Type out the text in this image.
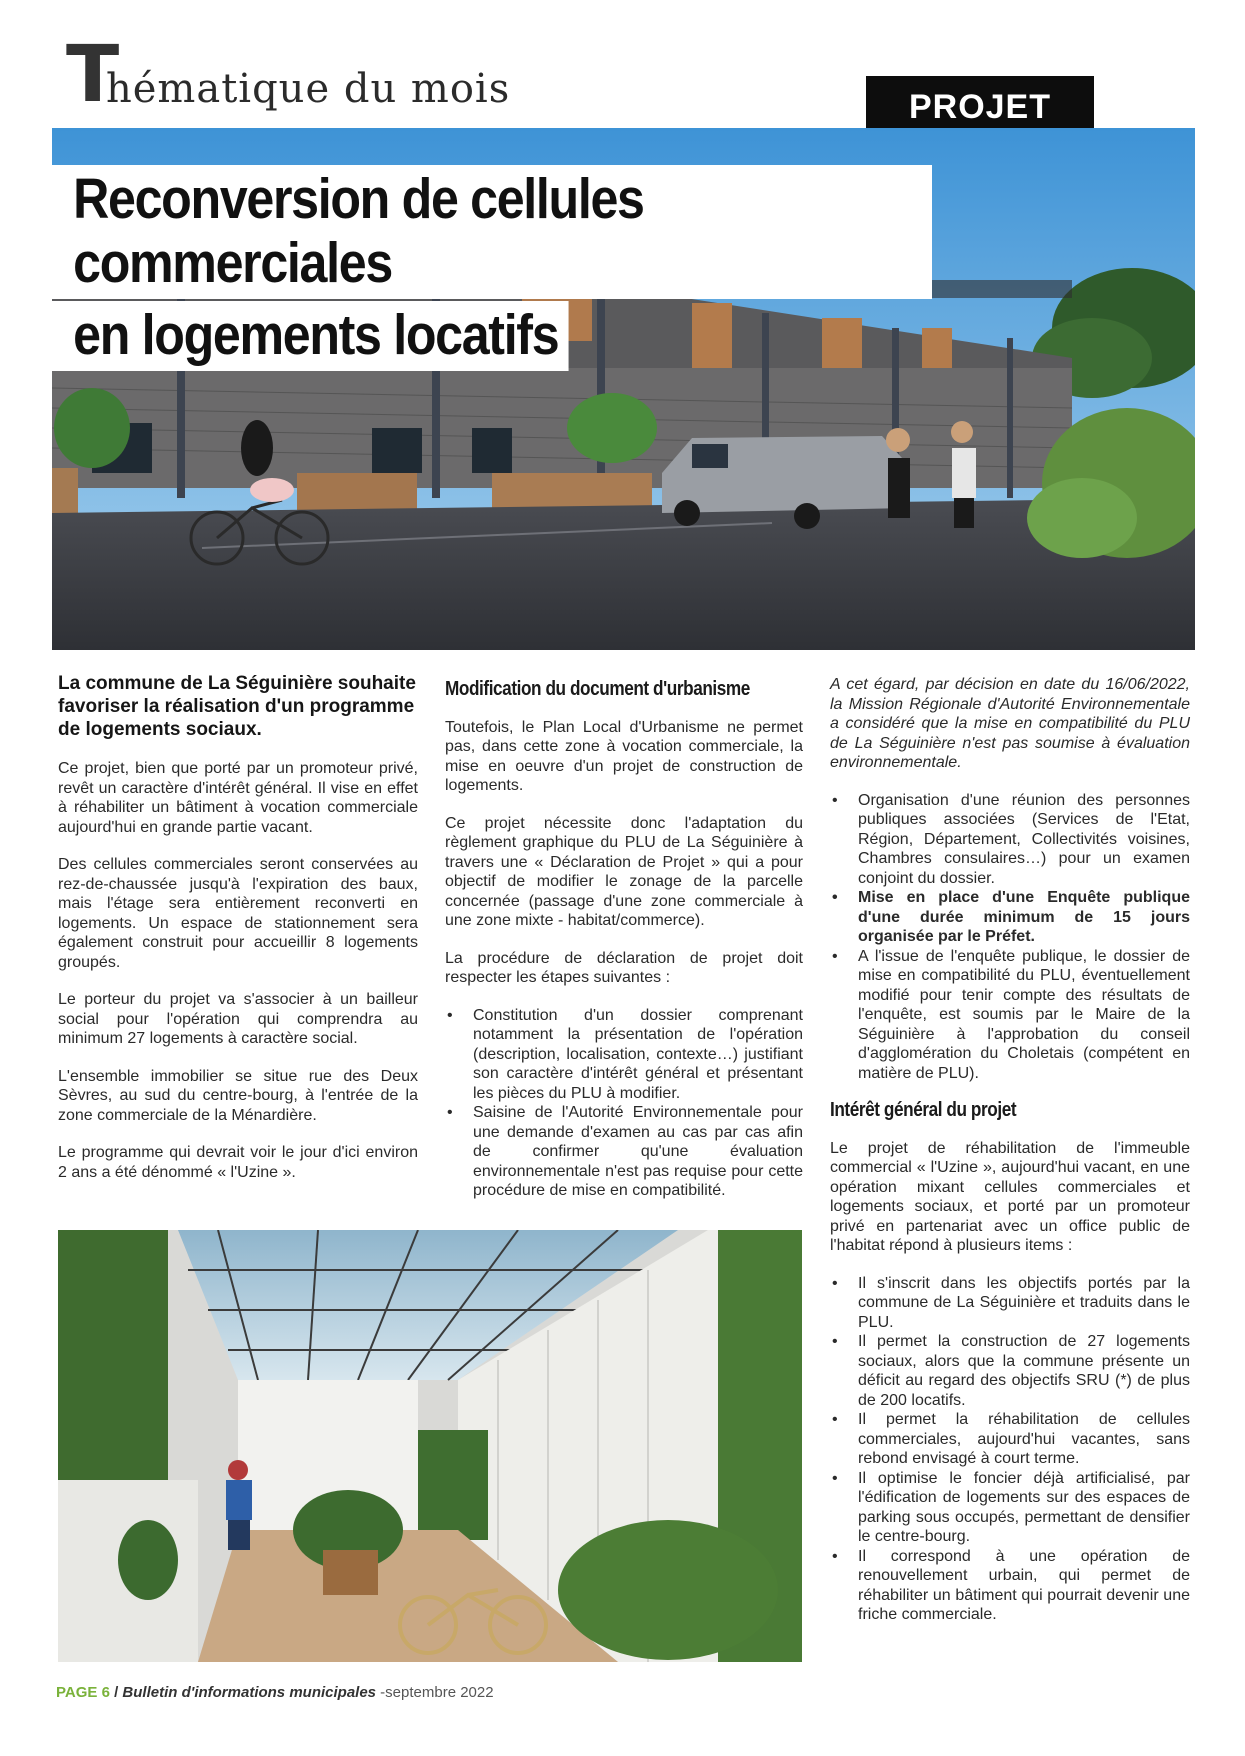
T
hématique du mois	PROJET
Reconversion de cellules commerciales
en logements locatifs

La commune de La Séguinière souhaite favoriser la réalisation d'un programme de logements sociaux.

Ce projet, bien que porté par un promoteur privé, revêt un caractère d'intérêt général. Il vise en effet à réhabiliter un bâtiment à vocation commerciale aujourd'hui en grande partie vacant.

Des cellules commerciales seront conservées au rez-de-chaussée jusqu'à l'expiration des baux, mais l'étage sera entièrement reconverti en logements. Un espace de stationnement sera également construit pour accueillir 8 logements groupés.

Le porteur du projet va s'associer à un bailleur social pour l'opération qui comprendra au minimum 27 logements à caractère social.

L'ensemble immobilier se situe rue des Deux Sèvres, au sud du centre-bourg, à l'entrée de la zone commerciale de la Ménardière.

Le programme qui devrait voir le jour d'ici environ 2 ans a été dénommé « l'Uzine ».

Modification du document d'urbanisme

Toutefois, le Plan Local d'Urbanisme ne permet pas, dans cette zone à vocation commerciale, la mise en oeuvre d'un projet de construction de logements.

Ce projet nécessite donc l'adaptation du règlement graphique du PLU de La Séguinière à travers une « Déclaration de Projet » qui a pour objectif de modifier le zonage de la parcelle concernée (passage d'une zone commerciale à une zone mixte - habitat/commerce).

La procédure de déclaration de projet doit respecter les étapes suivantes :

• Constitution d'un dossier comprenant notamment la présentation de l'opération (description, localisation, contexte…) justifiant son caractère d'intérêt général et présentant les pièces du PLU à modifier.
• Saisine de l'Autorité Environnementale pour une demande d'examen au cas par cas afin de confirmer qu'une évaluation environnementale n'est pas requise pour cette procédure de mise en compatibilité.

A cet égard, par décision en date du 16/06/2022, la Mission Régionale d'Autorité Environnementale a considéré que la mise en compatibilité du PLU de La Séguinière n'est pas soumise à évaluation environnementale.

• Organisation d'une réunion des personnes publiques associées (Services de l'Etat, Région, Département, Collectivités voisines, Chambres consulaires…) pour un examen conjoint du dossier.
• Mise en place d'une Enquête publique d'une durée minimum de 15 jours organisée par le Préfet.
• A l'issue de l'enquête publique, le dossier de mise en compatibilité du PLU, éventuellement modifié pour tenir compte des résultats de l'enquête, est soumis par le Maire de la Séguinière à l'approbation du conseil d'agglomération du Choletais (compétent en matière de PLU).
Intérêt général du projet

Le projet de réhabilitation de l'immeuble commercial « l'Uzine », aujourd'hui vacant, en une opération mixant cellules commerciales et logements sociaux, et porté par un promoteur privé en partenariat avec un office public de l'habitat répond à plusieurs items :

• Il s'inscrit dans les objectifs portés par la commune de La Séguinière et traduits dans le PLU.
• Il permet la construction de 27 logements sociaux, alors que la commune présente un déficit au regard des objectifs SRU (*) de plus de 200 locatifs.
• Il permet la réhabilitation de cellules commerciales, aujourd'hui vacantes, sans rebond envisagé à court terme.
• Il optimise le foncier déjà artificialisé, par l'édification de logements sur des espaces de parking sous occupés, permettant de densifier le centre-bourg.
• Il correspond à une opération de renouvellement urbain, qui permet de réhabiliter un bâtiment qui pourrait devenir une friche commerciale.
PAGE 6 / Bulletin d'informations municipales -septembre 2022
